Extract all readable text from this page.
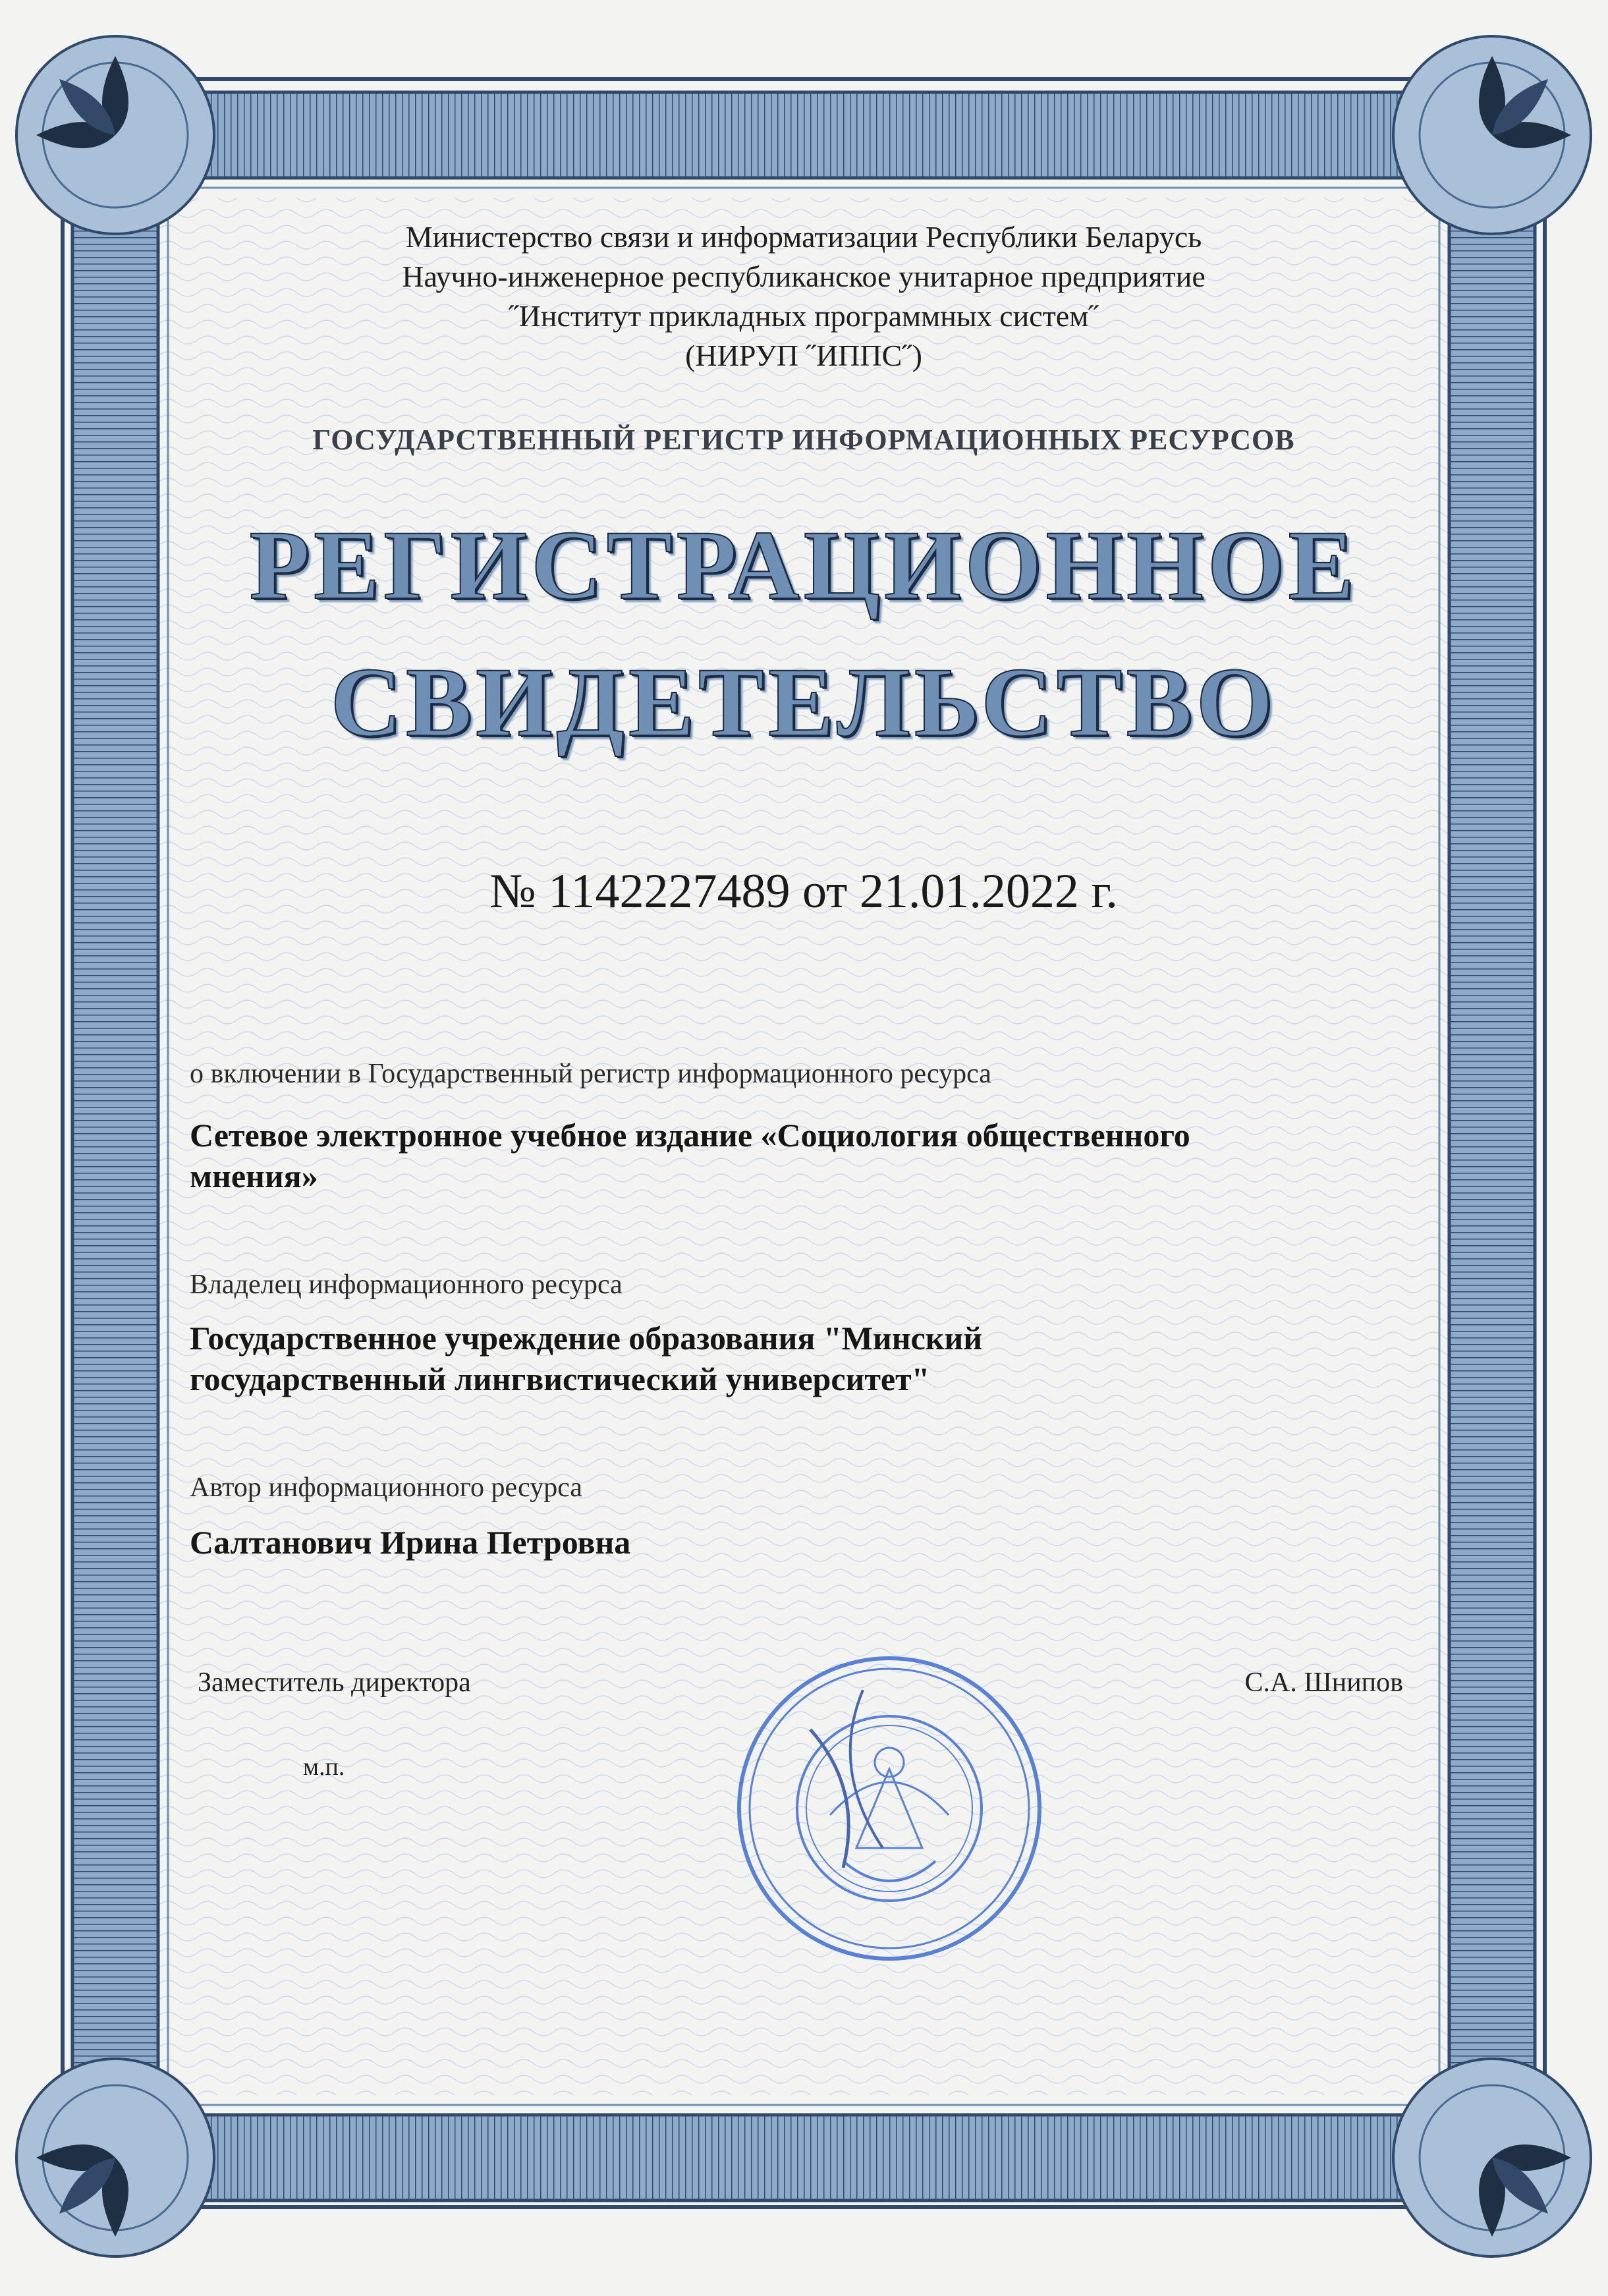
Министерство связи и информатизации Республики Беларусь
Научно-инженерное республиканское унитарное предприятие
˝Институт прикладных программных систем˝
(НИРУП ˝ИППС˝)
ГОСУДАРСТВЕННЫЙ РЕГИСТР ИНФОРМАЦИОННЫХ РЕСУРСОВ
РЕГИСТРАЦИОННОЕ
СВИДЕТЕЛЬСТВО
№ 1142227489 от 21.01.2022 г.
о включении в Государственный регистр информационного ресурса
Сетевое электронное учебное издание «Социология общественного
мнения»
Владелец информационного ресурса
Государственное учреждение образования "Минский
государственный лингвистический университет"
Автор информационного ресурса
Салтанович Ирина Петровна
Заместитель директора	С.А. Шнипов
м.п.
